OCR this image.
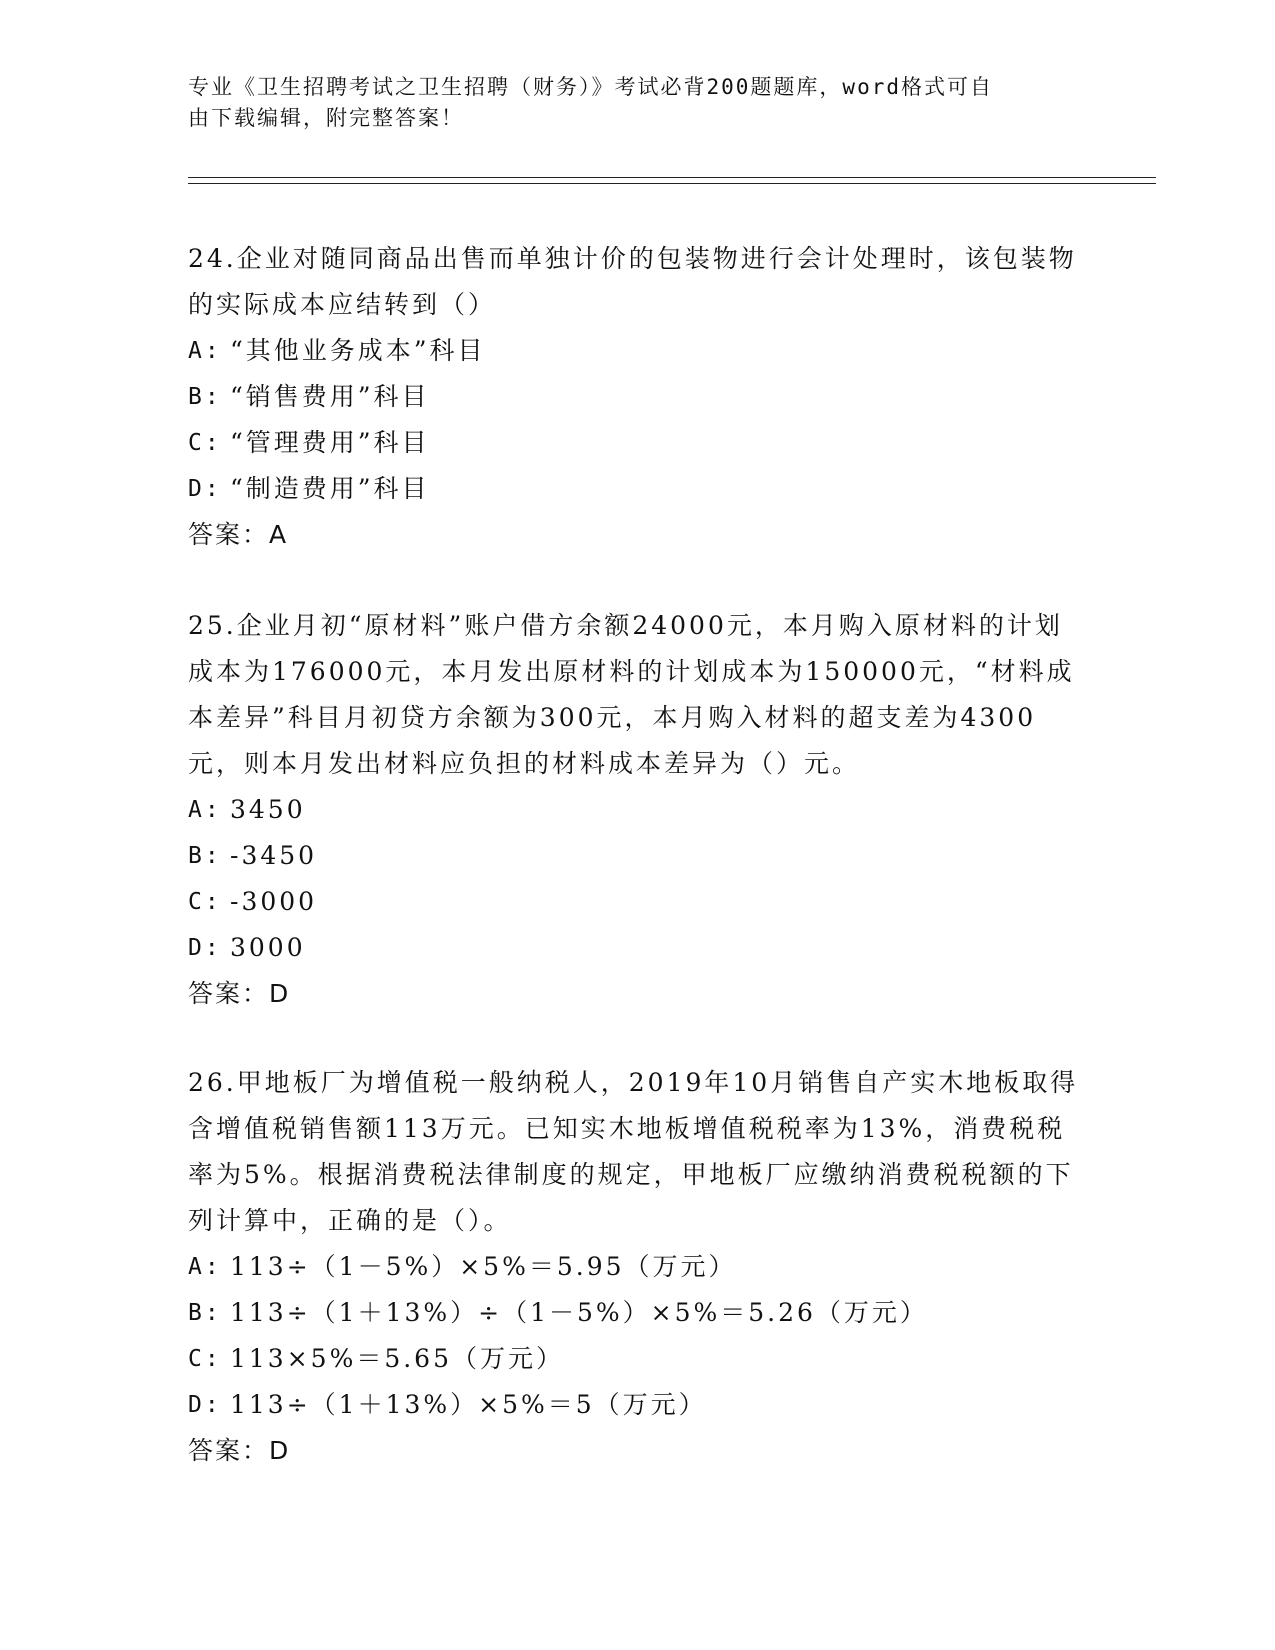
专业《卫生招聘考试之卫生招聘（财务）》考试必背200题题库，word格式可自
由下载编辑，附完整答案！

24.企业对随同商品出售而单独计价的包装物进行会计处理时，该包装物的实际成本应结转到（）

A: “其他业务成本”科目
B: “销售费用”科目
C: “管理费用”科目
D: “制造费用”科目

答案：A

25.企业月初“原材料”账户借方余额24000元，本月购入原材料的计划成本为176000元，本月发出原材料的计划成本为150000元，“材料成本差异”科目月初贷方余额为300元，本月购入材料的超支差为4300元，则本月发出材料应负担的材料成本差异为（）元。

A: 3450
B: -3450
C: -3000
D: 3000

答案：D

26.甲地板厂为增值税一般纳税人，2019年10月销售自产实木地板取得含增值税销售额113万元。已知实木地板增值税税率为13%，消费税税率为5%。根据消费税法律制度的规定，甲地板厂应缴纳消费税税额的下列计算中，正确的是（）。

A: 113÷（1－5%）×5%＝5.95（万元）
B: 113÷（1＋13%）÷（1－5%）×5%＝5.26（万元）
C: 113×5%＝5.65（万元）
D: 113÷（1＋13%）×5%＝5（万元）

答案：D
